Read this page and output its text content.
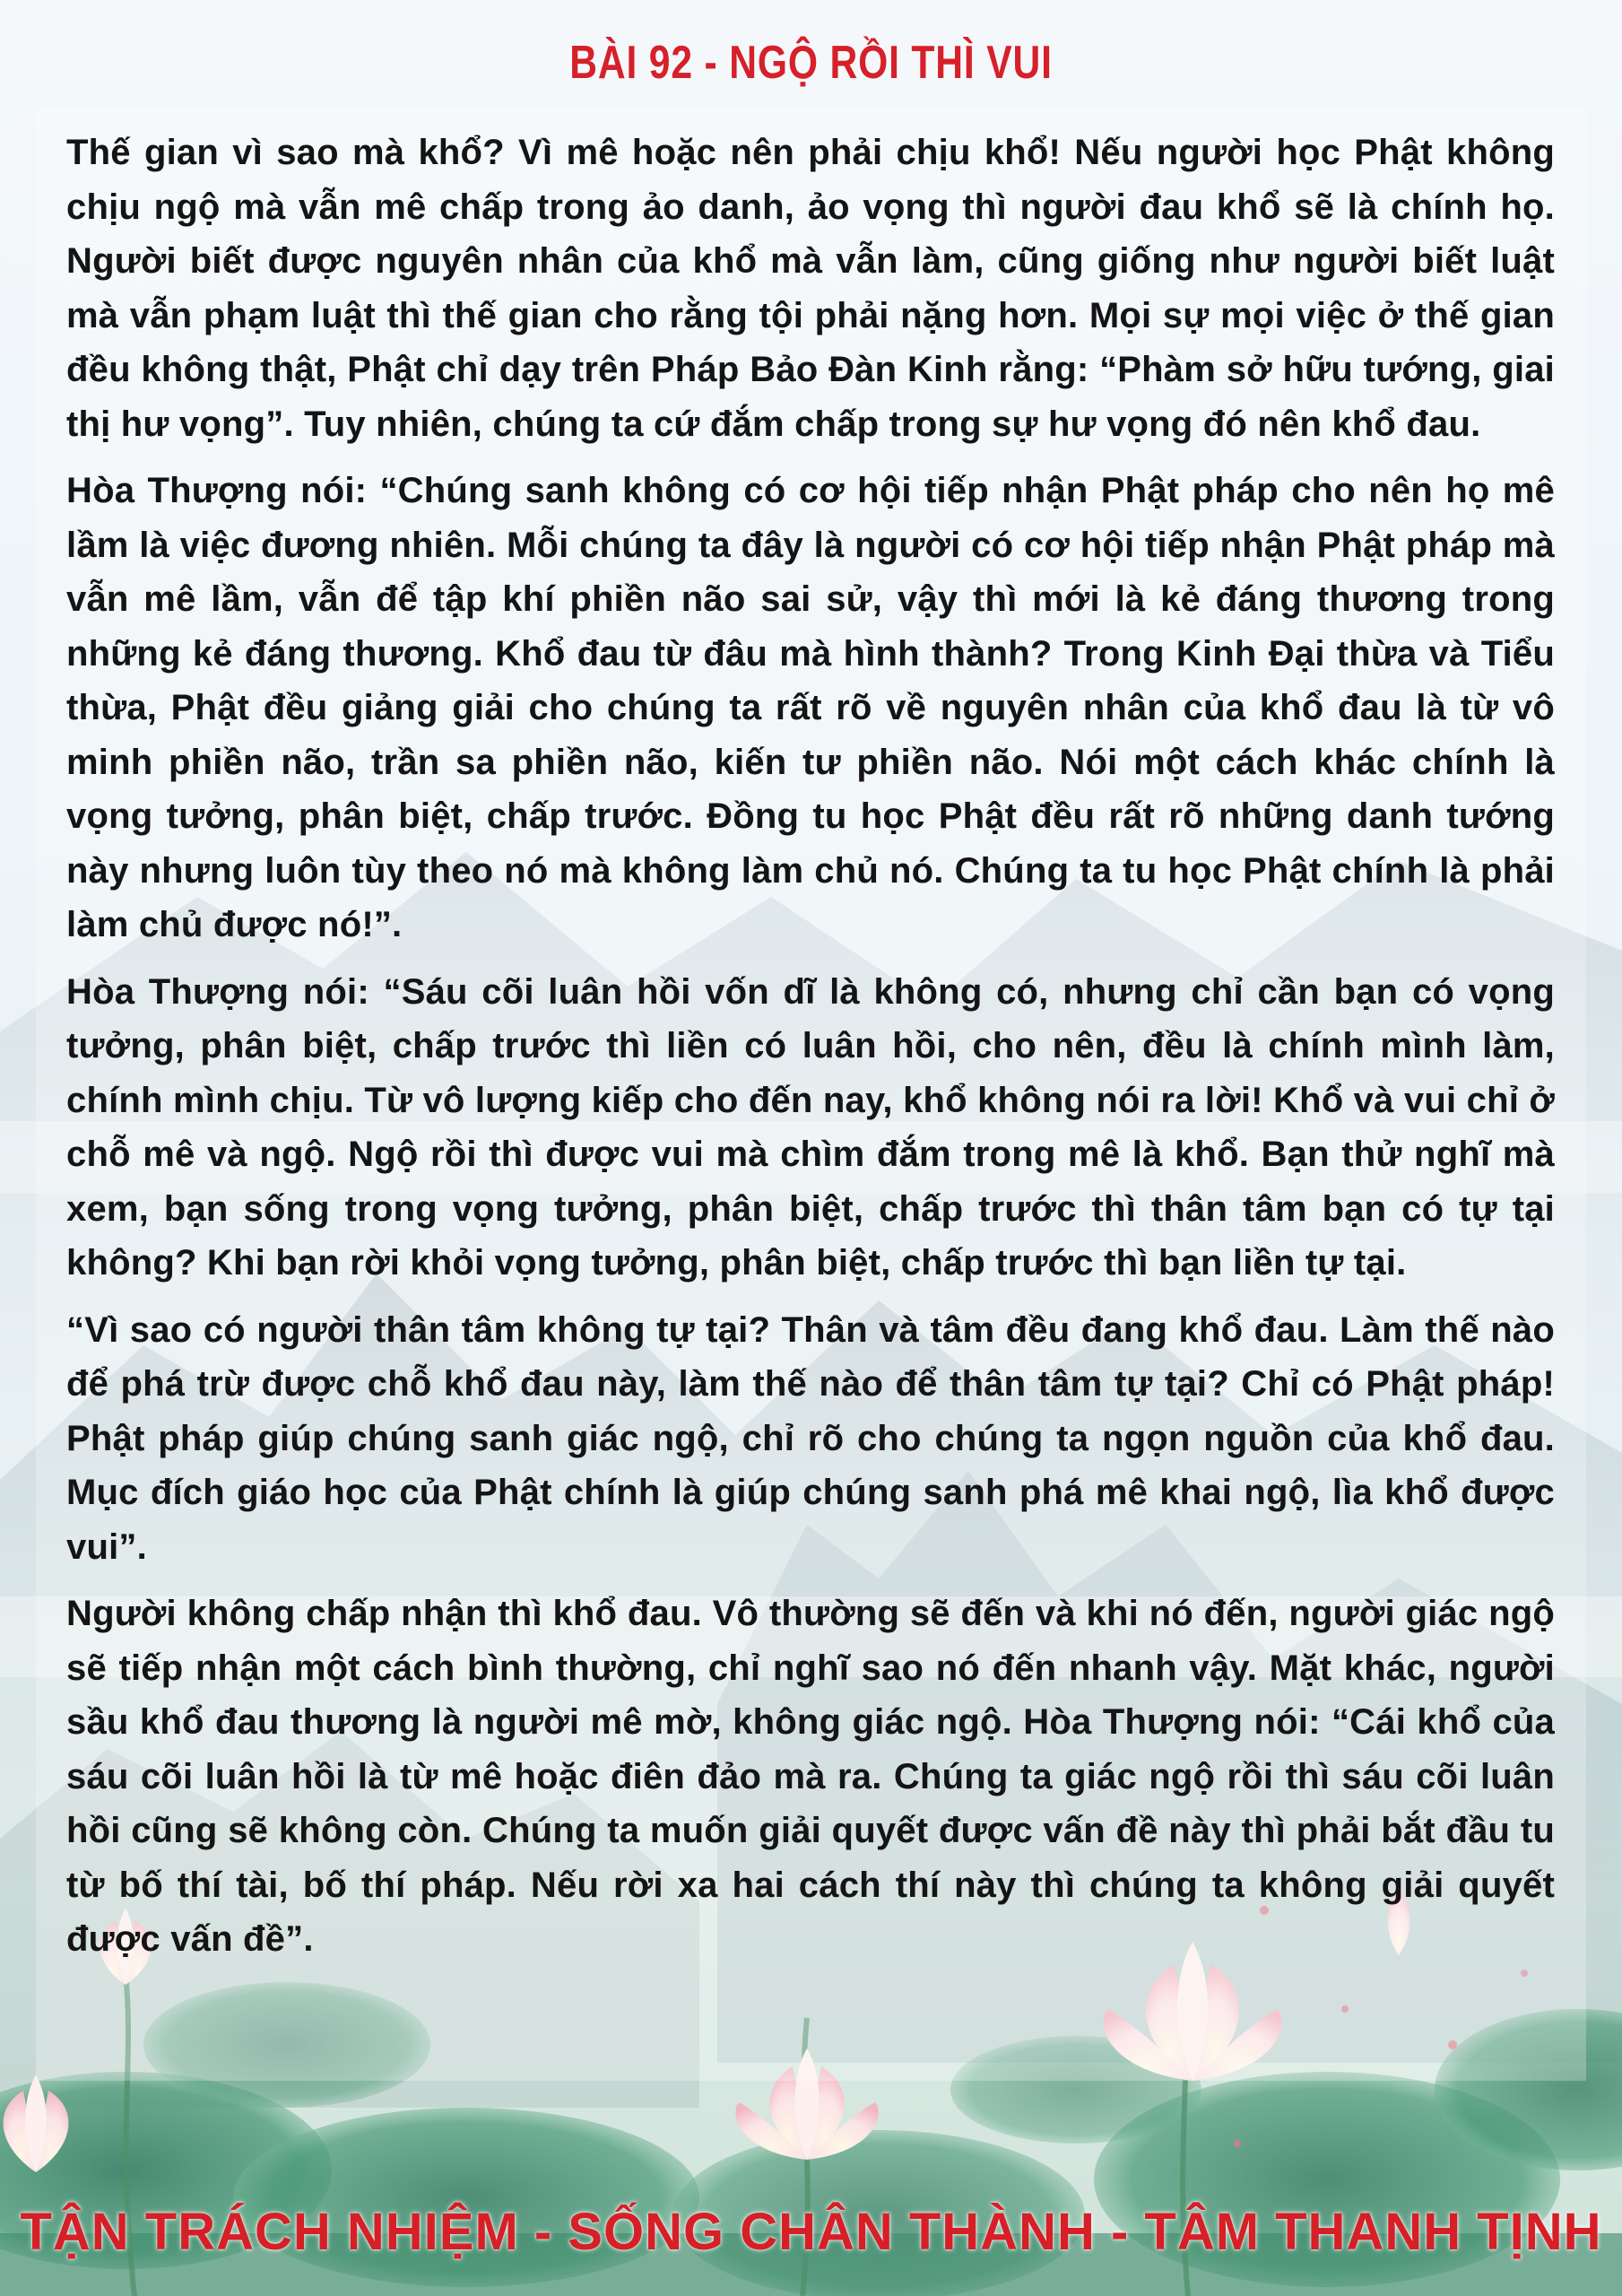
BÀI 92 - NGỘ RỒI THÌ VUI

Thế gian vì sao mà khổ? Vì mê hoặc nên phải chịu khổ! Nếu người học Phật không chịu ngộ mà vẫn mê chấp trong ảo danh, ảo vọng thì người đau khổ sẽ là chính họ. Người biết được nguyên nhân của khổ mà vẫn làm, cũng giống như người biết luật mà vẫn phạm luật thì thế gian cho rằng tội phải nặng hơn. Mọi sự mọi việc ở thế gian đều không thật, Phật chỉ dạy trên Pháp Bảo Đàn Kinh rằng: “Phàm sở hữu tướng, giai thị hư vọng”. Tuy nhiên, chúng ta cứ đắm chấp trong sự hư vọng đó nên khổ đau.

Hòa Thượng nói: “Chúng sanh không có cơ hội tiếp nhận Phật pháp cho nên họ mê lầm là việc đương nhiên. Mỗi chúng ta đây là người có cơ hội tiếp nhận Phật pháp mà vẫn mê lầm, vẫn để tập khí phiền não sai sử, vậy thì mới là kẻ đáng thương trong những kẻ đáng thương. Khổ đau từ đâu mà hình thành? Trong Kinh Đại thừa và Tiểu thừa, Phật đều giảng giải cho chúng ta rất rõ về nguyên nhân của khổ đau là từ vô minh phiền não, trần sa phiền não, kiến tư phiền não. Nói một cách khác chính là vọng tưởng, phân biệt, chấp trước. Đồng tu học Phật đều rất rõ những danh tướng này nhưng luôn tùy theo nó mà không làm chủ nó. Chúng ta tu học Phật chính là phải làm chủ được nó!”.

Hòa Thượng nói: “Sáu cõi luân hồi vốn dĩ là không có, nhưng chỉ cần bạn có vọng tưởng, phân biệt, chấp trước thì liền có luân hồi, cho nên, đều là chính mình làm, chính mình chịu. Từ vô lượng kiếp cho đến nay, khổ không nói ra lời! Khổ và vui chỉ ở chỗ mê và ngộ. Ngộ rồi thì được vui mà chìm đắm trong mê là khổ. Bạn thử nghĩ mà xem, bạn sống trong vọng tưởng, phân biệt, chấp trước thì thân tâm bạn có tự tại không? Khi bạn rời khỏi vọng tưởng, phân biệt, chấp trước thì bạn liền tự tại.

“Vì sao có người thân tâm không tự tại? Thân và tâm đều đang khổ đau. Làm thế nào để phá trừ được chỗ khổ đau này, làm thế nào để thân tâm tự tại? Chỉ có Phật pháp! Phật pháp giúp chúng sanh giác ngộ, chỉ rõ cho chúng ta ngọn nguồn của khổ đau. Mục đích giáo học của Phật chính là giúp chúng sanh phá mê khai ngộ, lìa khổ được vui”.

Người không chấp nhận thì khổ đau. Vô thường sẽ đến và khi nó đến, người giác ngộ sẽ tiếp nhận một cách bình thường, chỉ nghĩ sao nó đến nhanh vậy. Mặt khác, người sầu khổ đau thương là người mê mờ, không giác ngộ. Hòa Thượng nói: “Cái khổ của sáu cõi luân hồi là từ mê hoặc điên đảo mà ra. Chúng ta giác ngộ rồi thì sáu cõi luân hồi cũng sẽ không còn. Chúng ta muốn giải quyết được vấn đề này thì phải bắt đầu tu từ bố thí tài, bố thí pháp. Nếu rời xa hai cách thí này thì chúng ta không giải quyết được vấn đề”.

TẬN TRÁCH NHIỆM - SỐNG CHÂN THÀNH - TÂM THANH TỊNH
